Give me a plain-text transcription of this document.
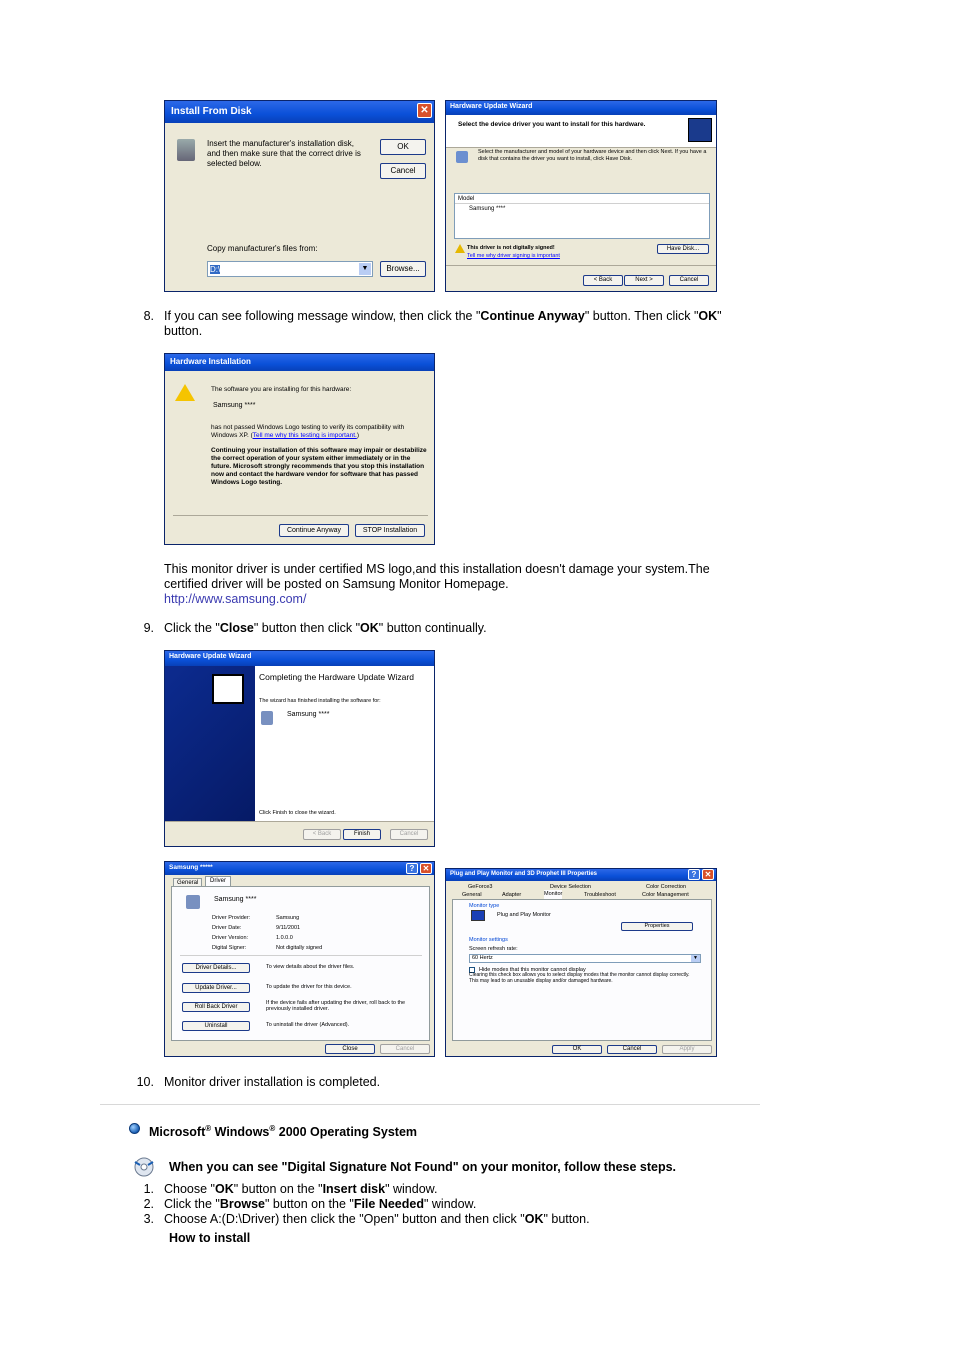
Install From Disk	✕
Insert the manufacturer's installation disk, and then make sure that the correct drive is selected below.
OK
Cancel
Copy manufacturer's files from:
D:\	▼	Browse...
Hardware Update Wizard
Select the device driver you want to install for this hardware.
Select the manufacturer and model of your hardware device and then click Next. If you have a disk that contains the driver you want to install, click Have Disk.
Model
Samsung ****
This driver is not digitally signed!
Tell me why driver signing is important
Have Disk...
< Back	Next >	Cancel
8. If you can see following message window, then click the "Continue Anyway" button. Then click "OK"
button.
Hardware Installation
The software you are installing for this hardware:
Samsung ****
has not passed Windows Logo testing to verify its compatibility with Windows XP. (Tell me why this testing is important.)
Continuing your installation of this software may impair or destabilize the correct operation of your system either immediately or in the future. Microsoft strongly recommends that you stop this installation now and contact the hardware vendor for software that has passed Windows Logo testing.
Continue Anyway	STOP Installation
This monitor driver is under certified MS logo,and this installation doesn't damage your system.The
certified driver will be posted on Samsung Monitor Homepage.
http://www.samsung.com/
9. Click the "Close" button then click "OK" button continually.
Hardware Update Wizard
Completing the Hardware Update Wizard
The wizard has finished installing the software for:
Samsung ****
Click Finish to close the wizard.
< Back	Finish	Cancel
Samsung *****	?	✕
General	Driver
Samsung ****
Driver Provider:	Samsung
Driver Date:	9/11/2001
Driver Version:	1.0.0.0
Digital Signer:	Not digitally signed
Driver Details...	To view details about the driver files.
Update Driver...	To update the driver for this device.
Roll Back Driver
If the device fails after updating the driver, roll back to the previously installed driver.
Uninstall	To uninstall the driver (Advanced).
Close	Cancel
Plug and Play Monitor and 3D Prophet III Properties	?	✕
GeForce3	Device Selection	Color Correction
General	Adapter	Monitor	Troubleshoot	Color Management
Monitor type
Plug and Play Monitor
Properties
Monitor settings
Screen refresh rate:
60 Hertz	▼
Hide modes that this monitor cannot display
Clearing this check box allows you to select display modes that the monitor cannot display correctly. This may lead to an unusable display and/or damaged hardware.
OK	Cancel	Apply
10. Monitor driver installation is completed.
Microsoft® Windows® 2000 Operating System
When you can see "Digital Signature Not Found" on your monitor, follow these steps.
1. Choose "OK" button on the "Insert disk" window.
2. Click the "Browse" button on the "File Needed" window.
3. Choose A:(D:\Driver) then click the "Open" button and then click "OK" button.
How to install
